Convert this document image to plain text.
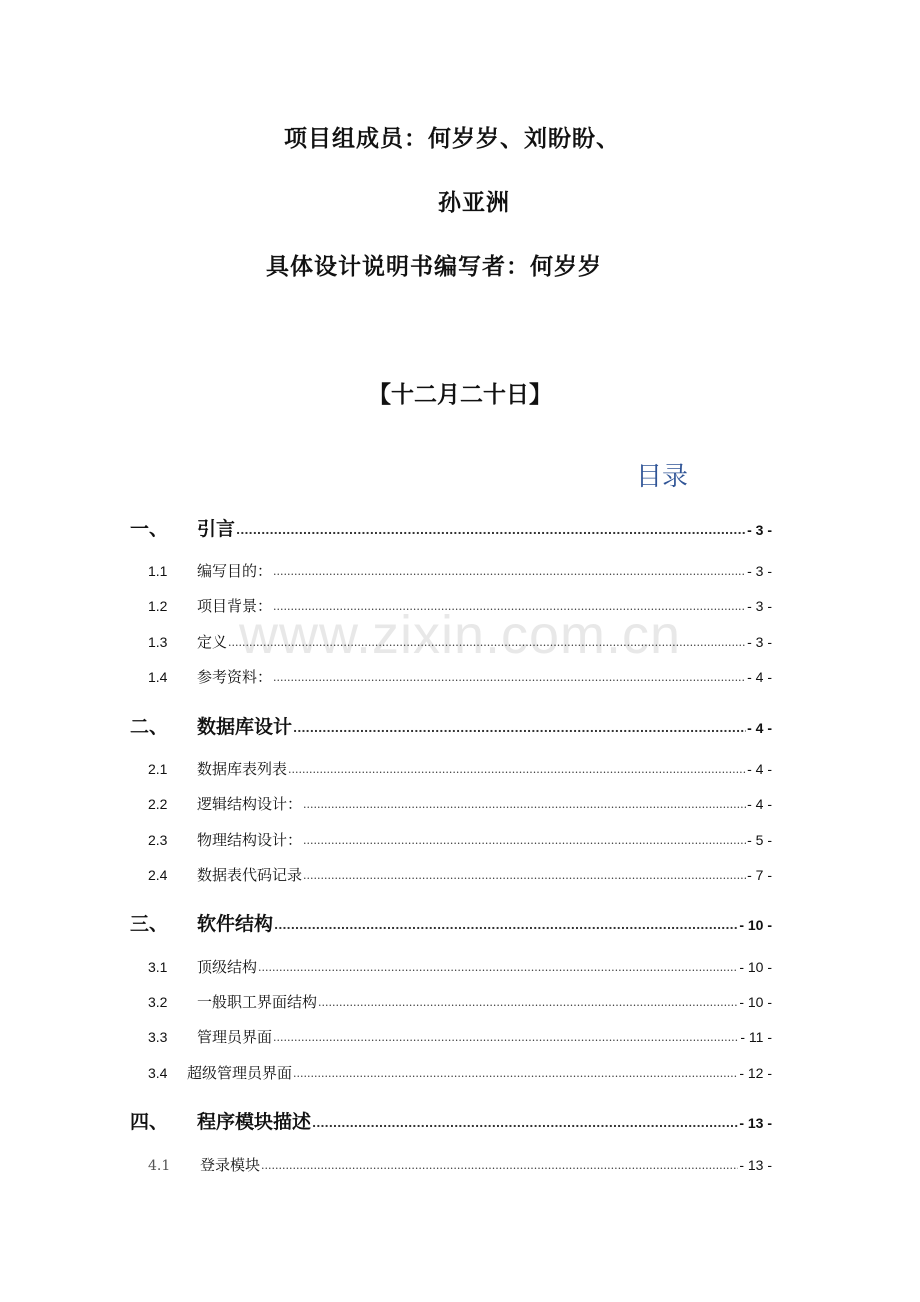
项目组成员：何岁岁、刘盼盼、
孙亚洲
具体设计说明书编写者：何岁岁
【十二月二十日】
目录
www.zixin.com.cn
一、	引言 .....	- 3 -
1.1	编写目的： .....	- 3 -
1.2	项目背景： .....	- 3 -
1.3	定义 .....	- 3 -
1.4	参考资料： .....	- 4 -
二、	数据库设计 .....	- 4 -
2.1	数据库表列表 .....	- 4 -
2.2	逻辑结构设计： .....	- 4 -
2.3	物理结构设计： .....	- 5 -
2.4	数据表代码记录 .....	- 7 -
三、	软件结构 .....	- 10 -
3.1	顶级结构 .....	- 10 -
3.2	一般职工界面结构 .....	- 10 -
3.3	管理员界面 .....	- 11 -
3.4	超级管理员界面 .....	- 12 -
四、	程序模块描述 .....	- 13 -
4.1	登录模块 .....	- 13 -
